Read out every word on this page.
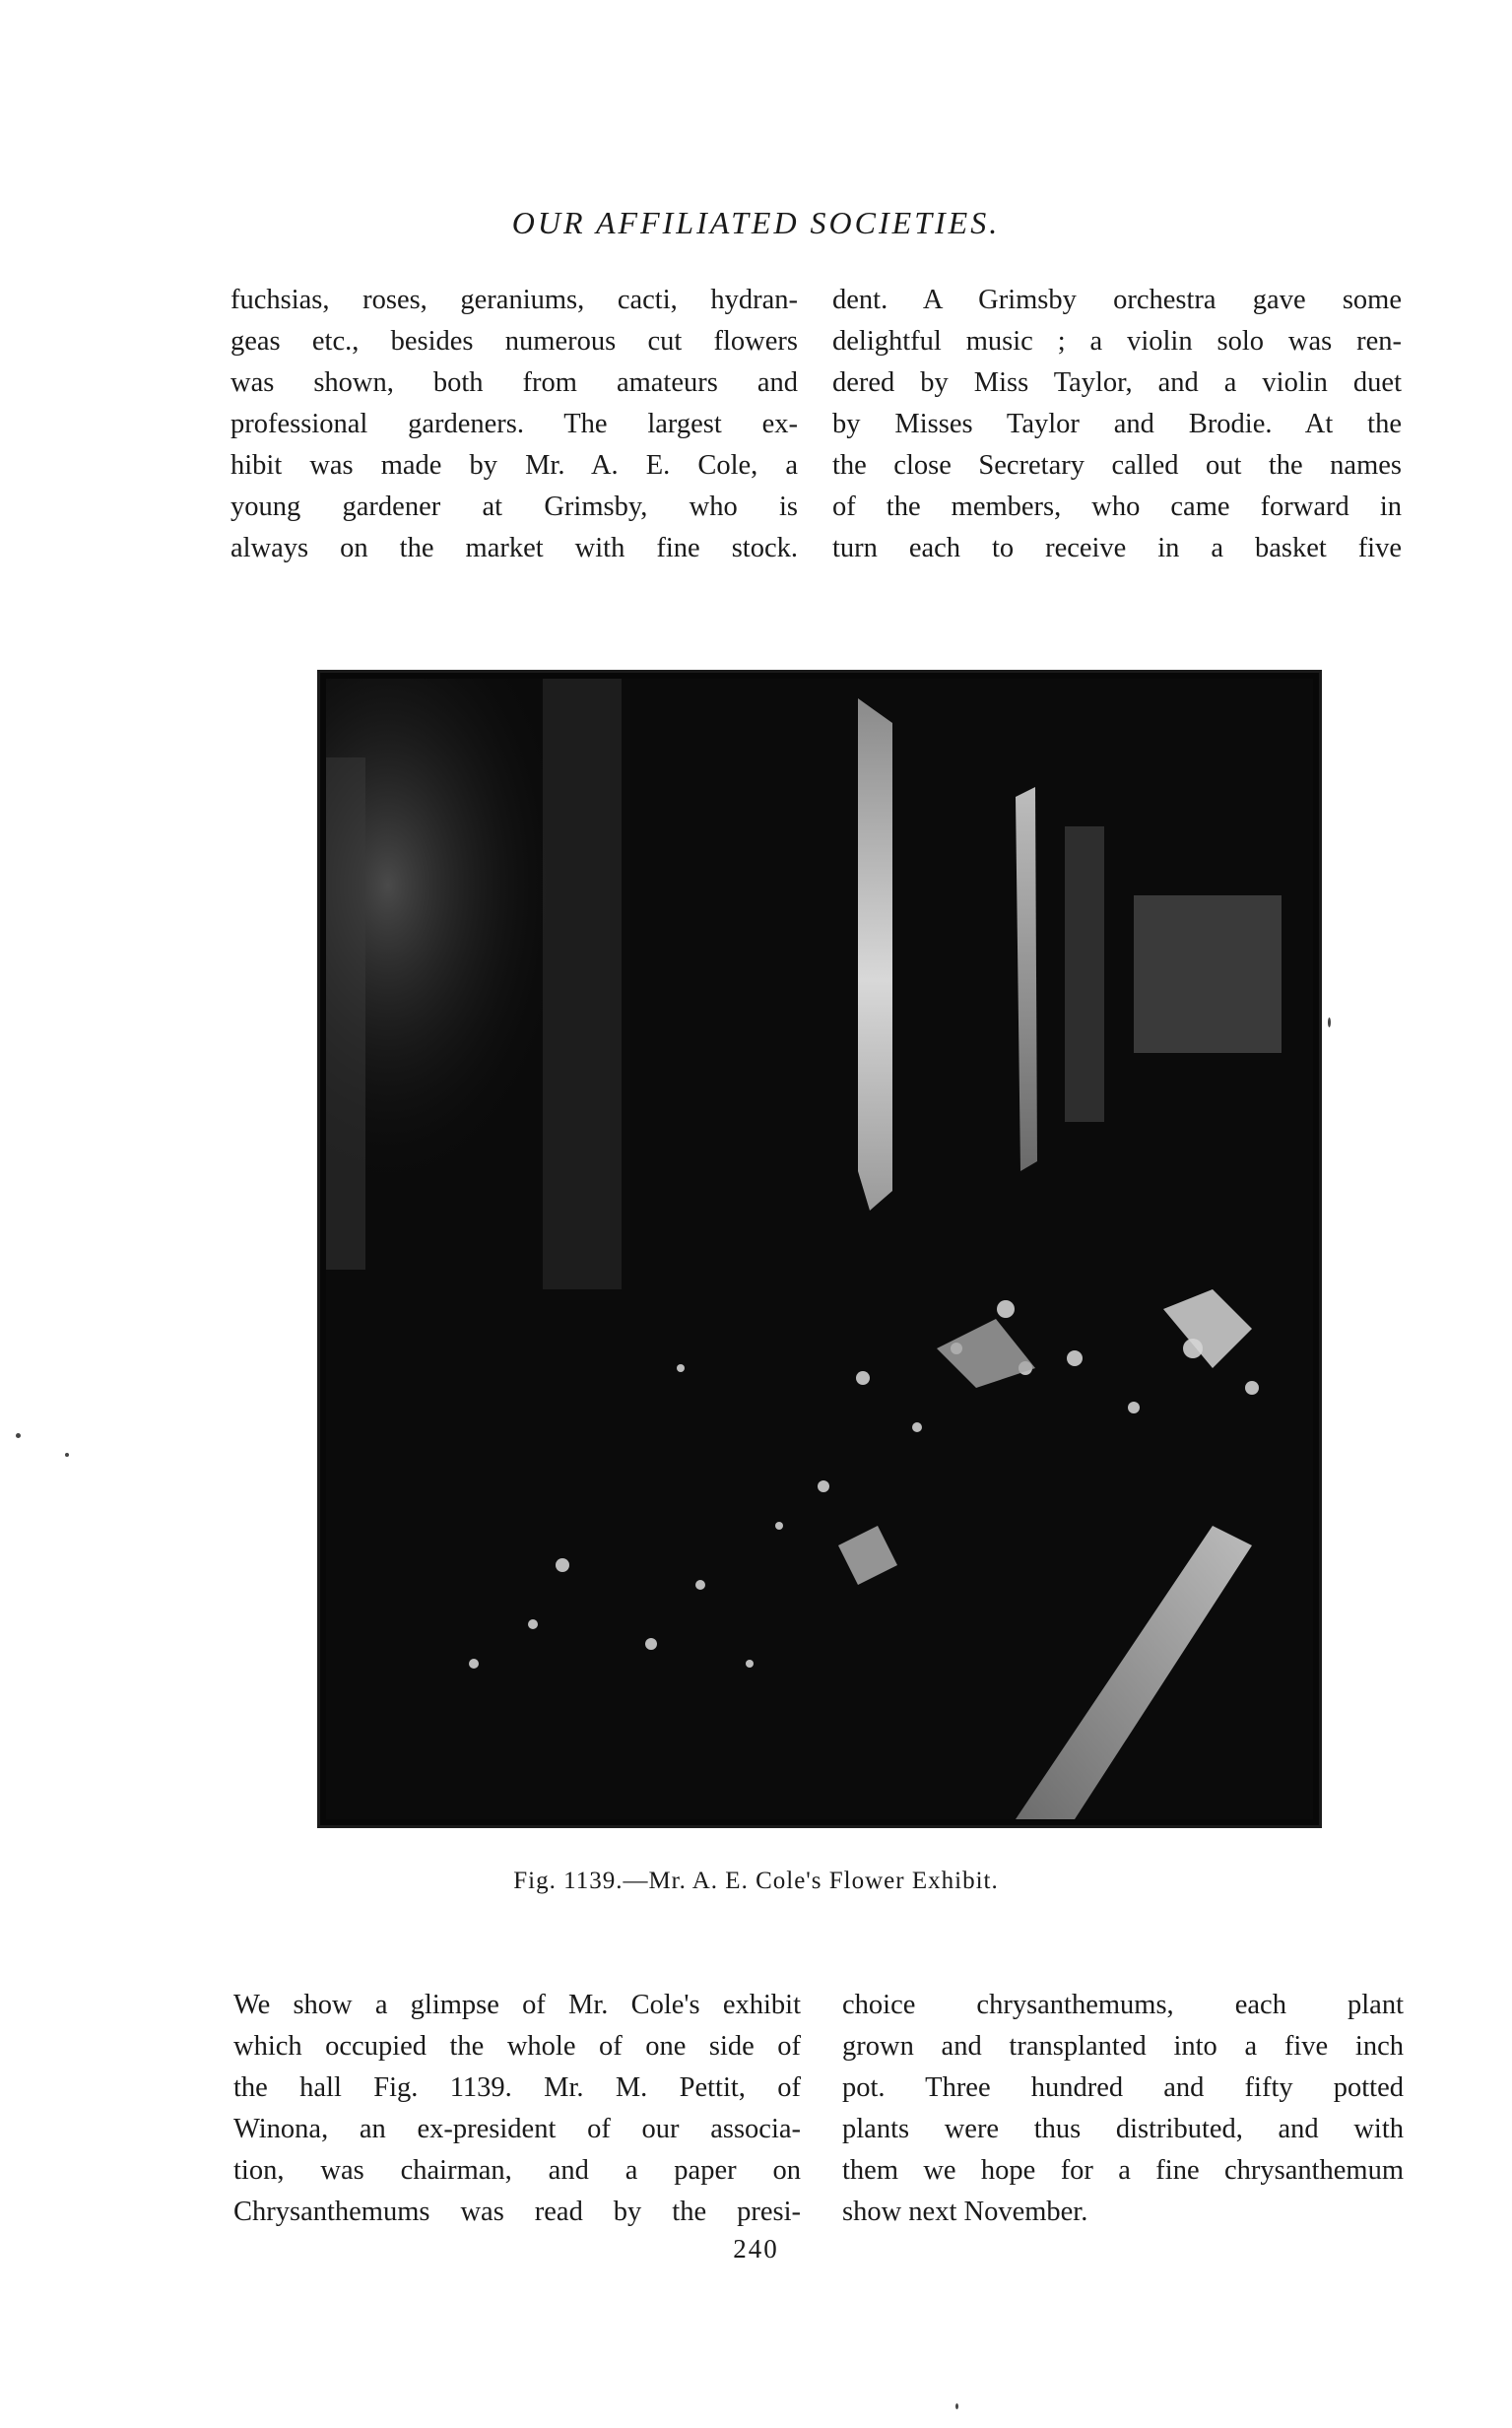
OUR AFFILIATED SOCIETIES.
fuchsias, roses, geraniums, cacti, hydran-
geas etc., besides numerous cut flowers
was shown, both from amateurs and
professional gardeners. The largest ex-
hibit was made by Mr. A. E. Cole, a
young gardener at Grimsby, who is
always on the market with fine stock.
dent. A Grimsby orchestra gave some
delightful music ; a violin solo was ren-
dered by Miss Taylor, and a violin duet
by Misses Taylor and Brodie. At the
the close Secretary called out the names
of the members, who came forward in
turn each to receive in a basket five
Fig. 1139.—Mr. A. E. Cole's Flower Exhibit.
We show a glimpse of Mr. Cole's exhibit
which occupied the whole of one side of
the hall Fig. 1139. Mr. M. Pettit, of
Winona, an ex-president of our associa-
tion, was chairman, and a paper on
Chrysanthemums was read by the presi-
choice chrysanthemums, each plant
grown and transplanted into a five inch
pot. Three hundred and fifty potted
plants were thus distributed, and with
them we hope for a fine chrysanthemum
show next November.
240
